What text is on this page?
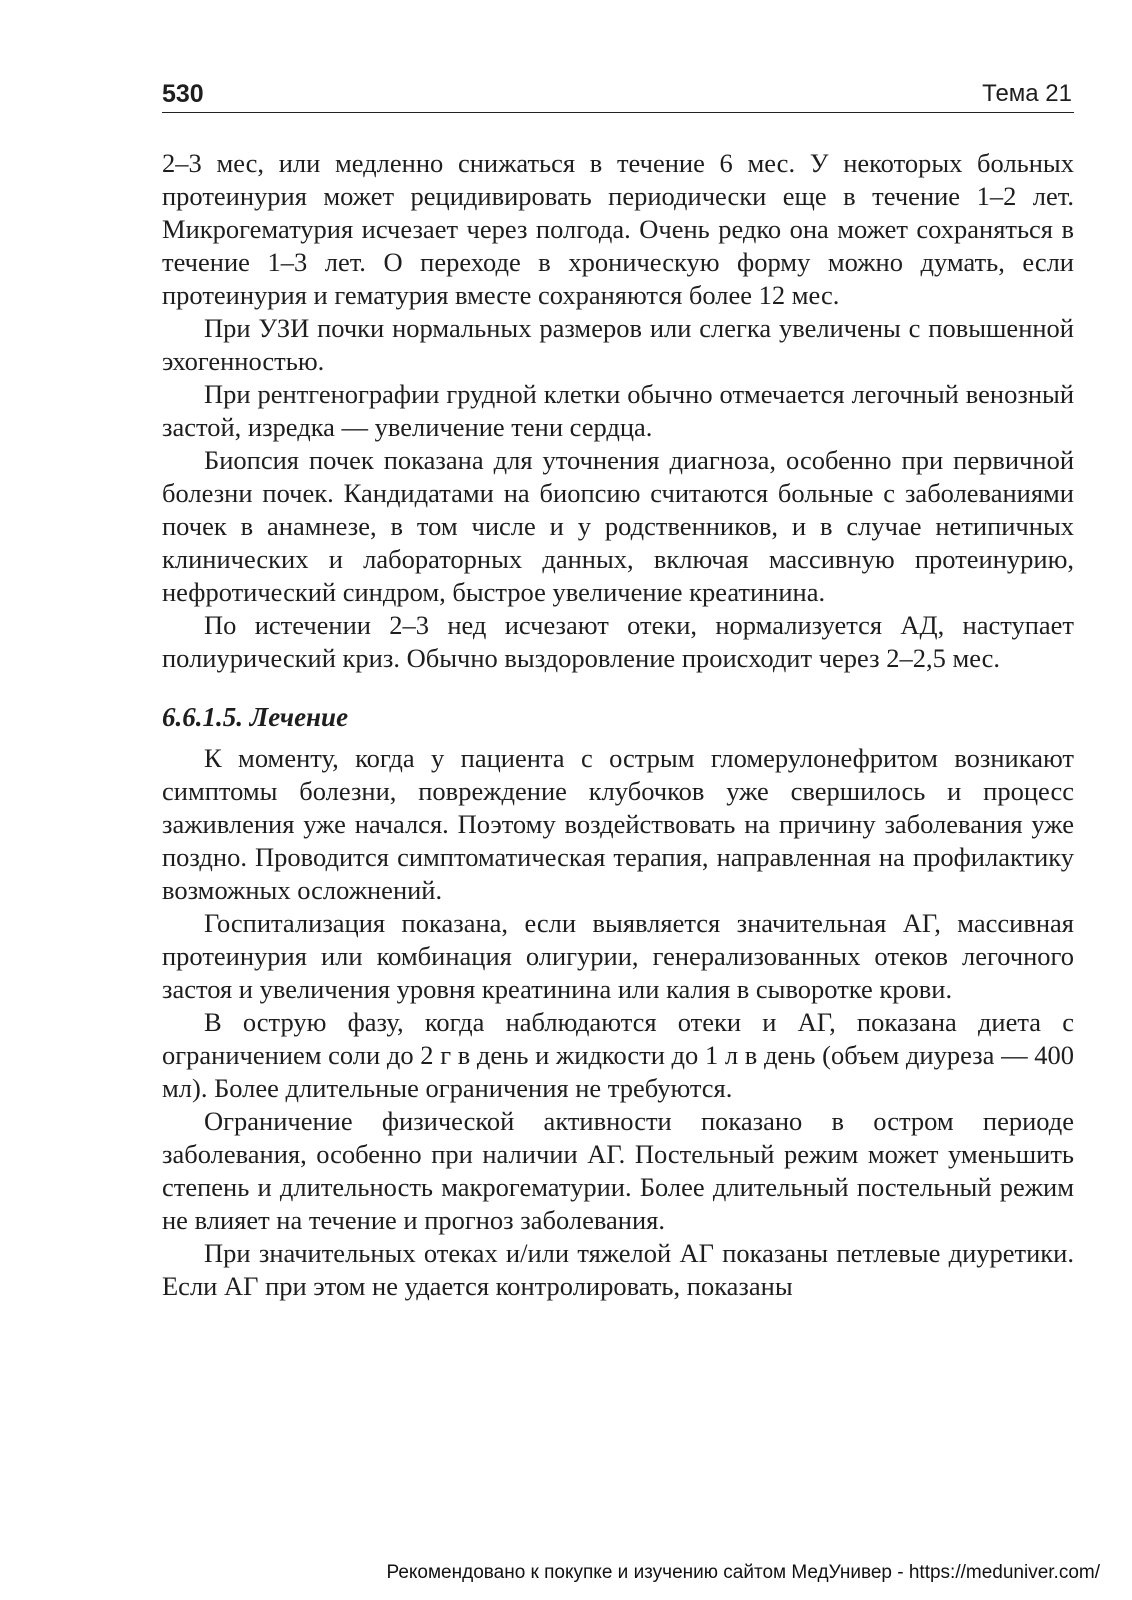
530	Тема 21

2–3 мес, или медленно снижаться в течение 6 мес. У некоторых больных протеинурия может рецидивировать периодически еще в течение 1–2 лет. Микрогематурия исчезает через полгода. Очень редко она может сохраняться в течение 1–3 лет. О переходе в хроническую форму можно думать, если протеинурия и гематурия вместе сохраняются более 12 мес.

При УЗИ почки нормальных размеров или слегка увеличены с повышенной эхогенностью.

При рентгенографии грудной клетки обычно отмечается легочный венозный застой, изредка — увеличение тени сердца.

Биопсия почек показана для уточнения диагноза, особенно при первичной болезни почек. Кандидатами на биопсию считаются больные с заболеваниями почек в анамнезе, в том числе и у родственников, и в случае нетипичных клинических и лабораторных данных, включая массивную протеинурию, нефротический синдром, быстрое увеличение креатинина.

По истечении 2–3 нед исчезают отеки, нормализуется АД, наступает полиурический криз. Обычно выздоровление происходит через 2–2,5 мес.

6.6.1.5. Лечение

К моменту, когда у пациента с острым гломерулонефритом возникают симптомы болезни, повреждение клубочков уже свершилось и процесс заживления уже начался. Поэтому воздействовать на причину заболевания уже поздно. Проводится симптоматическая терапия, направленная на профилактику возможных осложнений.

Госпитализация показана, если выявляется значительная АГ, массивная протеинурия или комбинация олигурии, генерализованных отеков легочного застоя и увеличения уровня креатинина или калия в сыворотке крови.

В острую фазу, когда наблюдаются отеки и АГ, показана диета с ограничением соли до 2 г в день и жидкости до 1 л в день (объем диуреза — 400 мл). Более длительные ограничения не требуются.

Ограничение физической активности показано в остром периоде заболевания, особенно при наличии АГ. Постельный режим может уменьшить степень и длительность макрогематурии. Более длительный постельный режим не влияет на течение и прогноз заболевания.

При значительных отеках и/или тяжелой АГ показаны петлевые диуретики. Если АГ при этом не удается контролировать, показаны

Рекомендовано к покупке и изучению сайтом МедУнивер - https://meduniver.com/
